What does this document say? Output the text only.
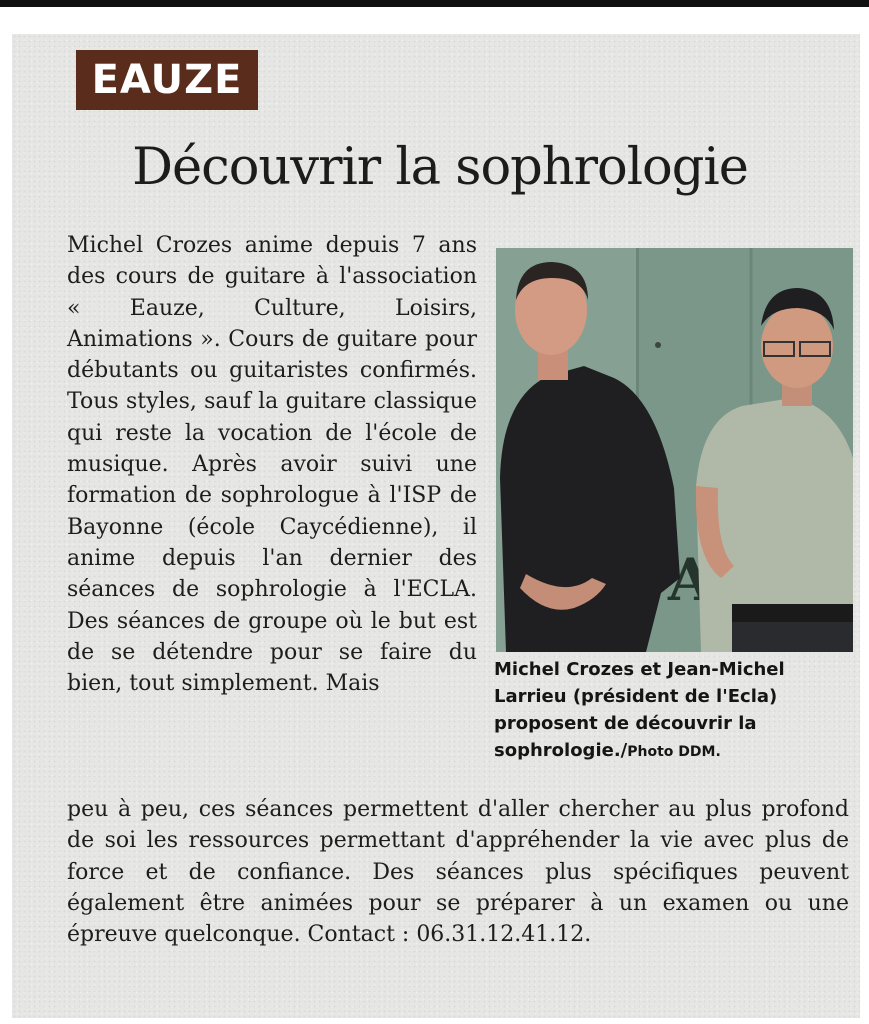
EAUZE
Découvrir la sophrologie

Michel Crozes anime depuis 7 ans des cours de guitare à l'association « Eauze, Culture, Loisirs, Animations ». Cours de guitare pour débutants ou guitaristes confirmés. Tous styles, sauf la guitare classique qui reste la vocation de l'école de musique. Après avoir suivi une formation de sophrologue à l'ISP de Bayonne (école Caycédienne), il anime depuis l'an dernier des séances de sophrologie à l'ECLA. Des séances de groupe où le but est de se détendre pour se faire du bien, tout simplement. Mais

Michel Crozes et Jean-Michel Larrieu (président de l'Ecla) proposent de découvrir la sophrologie./Photo DDM.

peu à peu, ces séances permettent d'aller chercher au plus profond de soi les ressources permettant d'appréhender la vie avec plus de force et de confiance. Des séances plus spécifiques peuvent également être animées pour se préparer à un examen ou une épreuve quelconque. Contact : 06.31.12.41.12.
